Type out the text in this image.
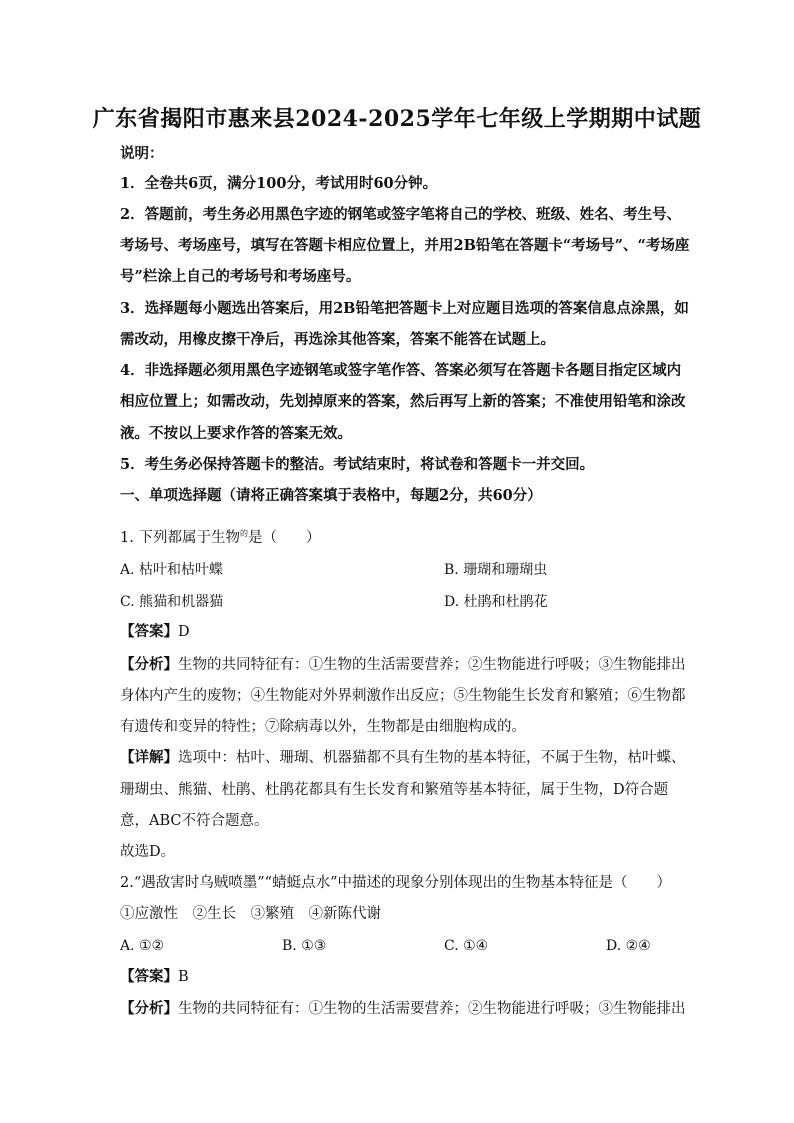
广东省揭阳市惠来县2024-2025学年七年级上学期期中试题
说明：
1．全卷共6页，满分100分，考试用时60分钟。
2．答题前，考生务必用黑色字迹的钢笔或签字笔将自己的学校、班级、姓名、考生号、
考场号、考场座号，填写在答题卡相应位置上，并用2B铅笔在答题卡“考场号”、“考场座
号”栏涂上自己的考场号和考场座号。
3．选择题每小题选出答案后，用2B铅笔把答题卡上对应题目选项的答案信息点涂黑，如
需改动，用橡皮擦干净后，再选涂其他答案，答案不能答在试题上。
4．非选择题必须用黑色字迹钢笔或签字笔作答、答案必须写在答题卡各题目指定区域内
相应位置上；如需改动，先划掉原来的答案，然后再写上新的答案；不准使用铅笔和涂改
液。不按以上要求作答的答案无效。
5．考生务必保持答题卡的整洁。考试结束时，将试卷和答题卡一并交回。
一、单项选择题（请将正确答案填于表格中，每题2分，共60分）
1. 下列都属于生物$^的$是（　　）
A. 枯叶和枯叶蝶	B. 珊瑚和珊瑚虫
C. 熊猫和机器猫	D. 杜鹃和杜鹃花
【答案】D
【分析】生物的共同特征有：①生物的生活需要营养；②生物能进行呼吸；③生物能排出
身体内产生的废物；④生物能对外界刺激作出反应；⑤生物能生长发育和繁殖；⑥生物都
有遗传和变异的特性；⑦除病毒以外，生物都是由细胞构成的。
【详解】选项中：枯叶、珊瑚、机器猫都不具有生物的基本特征，不属于生物，枯叶蝶、
珊瑚虫、熊猫、杜鹃、杜鹃花都具有生长发育和繁殖等基本特征，属于生物，D符合题
意，ABC不符合题意。
故选D。
2.“遇敌害时乌贼喷墨”“蜻蜓点水”中描述的现象分别体现出的生物基本特征是（　　）
①应激性　②生长　③繁殖　④新陈代谢
A. ①②	B. ①③	C. ①④	D. ②④
【答案】B
【分析】生物的共同特征有：①生物的生活需要营养；②生物能进行呼吸；③生物能排出
